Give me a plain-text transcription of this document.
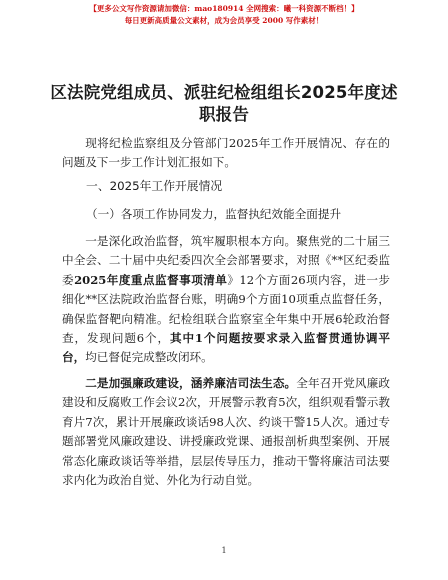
【更多公文写作资源请加微信：mao180914 全网搜索：曦一科资源不断档！】
每日更新高质量公文素材，成为会员享受 2000 写作素材！
区法院党组成员、派驻纪检组组长2025年度述职报告
现将纪检监察组及分管部门2025年工作开展情况、存在的问题及下一步工作计划汇报如下。
一、2025年工作开展情况
（一）各项工作协同发力，监督执纪效能全面提升
一是深化政治监督，筑牢履职根本方向。聚焦党的二十届三中全会、二十届中央纪委四次全会部署要求，对照《**区纪委监委2025年度重点监督事项清单》12个方面26项内容，进一步细化**区法院政治监督台账，明确9个方面10项重点监督任务，确保监督靶向精准。纪检组联合监察室全年集中开展6轮政治督查，发现问题6个，其中1个问题按要求录入监督贯通协调平台，均已督促完成整改闭环。
二是加强廉政建设，涵养廉洁司法生态。全年召开党风廉政建设和反腐败工作会议2次，开展警示教育5次，组织观看警示教育片7次，累计开展廉政谈话98人次、约谈干警15人次。通过专题部署党风廉政建设、讲授廉政党课、通报剖析典型案例、开展常态化廉政谈话等举措，层层传导压力，推动干警将廉洁司法要求内化为政治自觉、外化为行动自觉。
1
